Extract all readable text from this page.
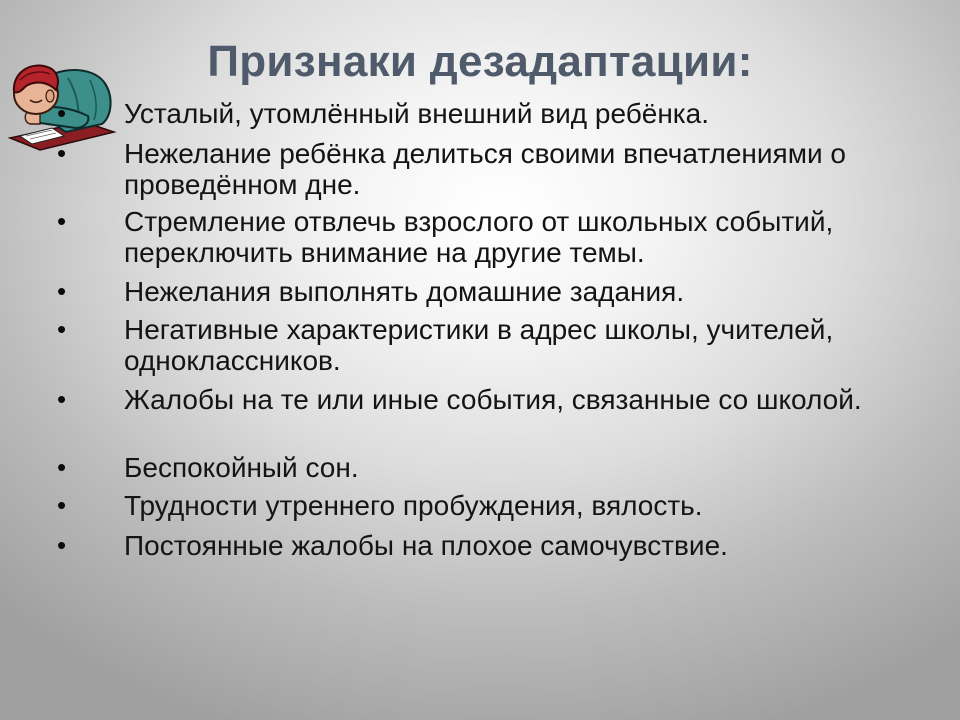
Признаки дезадаптации:
• Усталый, утомлённый внешний вид ребёнка.
• Нежелание ребёнка делиться своими впечатлениями о проведённом дне.
• Стремление отвлечь взрослого от школьных событий, переключить внимание на другие темы.
• Нежелания выполнять домашние задания.
• Негативные характеристики в адрес школы, учителей, одноклассников.
• Жалобы на те или иные события, связанные со школой.
• Беспокойный сон.
• Трудности утреннего пробуждения, вялость.
• Постоянные жалобы на плохое самочувствие.
